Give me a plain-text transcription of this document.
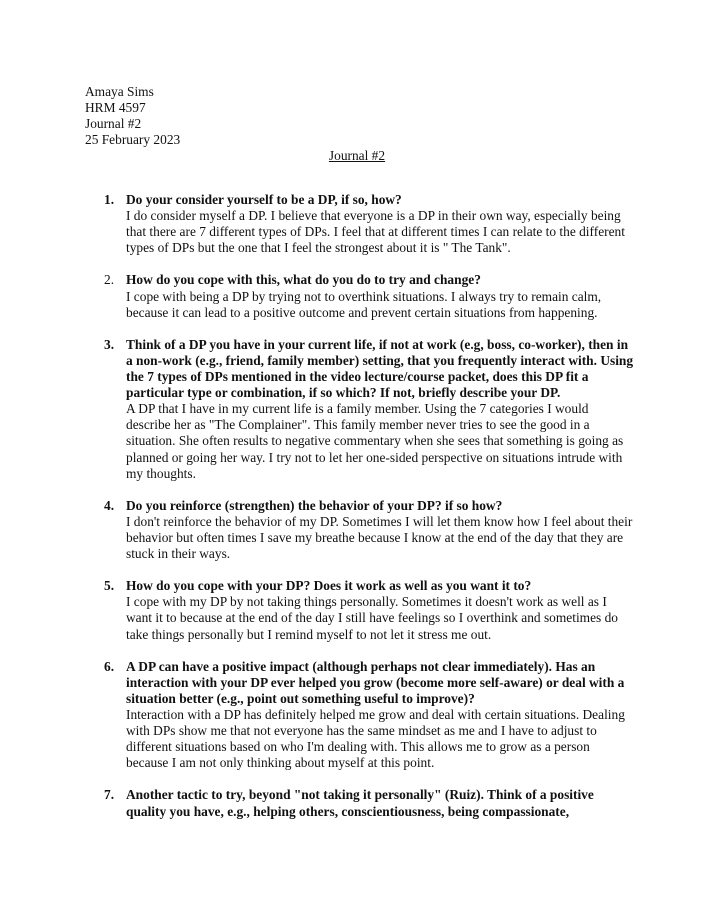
Amaya Sims
HRM 4597
Journal #2
25 February 2023
Journal #2
1. Do your consider yourself to be a DP, if so, how?
I do consider myself a DP. I believe that everyone is a DP in their own way, especially being that there are 7 different types of DPs. I feel that at different times I can relate to the different types of DPs but the one that I feel the strongest about it is " The Tank".
2. How do you cope with this, what do you do to try and change?
I cope with being a DP by trying not to overthink situations. I always try to remain calm, because it can lead to a positive outcome and prevent certain situations from happening.
3. Think of a DP you have in your current life, if not at work (e.g, boss, co-worker), then in a non-work (e.g., friend, family member) setting, that you frequently interact with. Using the 7 types of DPs mentioned in the video lecture/course packet, does this DP fit a particular type or combination, if so which? If not, briefly describe your DP.
A DP that I have in my current life is a family member. Using the 7 categories I would describe her as "The Complainer". This family member never tries to see the good in a situation. She often results to negative commentary when she sees that something is going as planned or going her way. I try not to let her one-sided perspective on situations intrude with my thoughts.
4. Do you reinforce (strengthen) the behavior of your DP? if so how?
I don't reinforce the behavior of my DP. Sometimes I will let them know how I feel about their behavior but often times I save my breathe because I know at the end of the day that they are stuck in their ways.
5. How do you cope with your DP? Does it work as well as you want it to?
I cope with my DP by not taking things personally. Sometimes it doesn't work as well as I want it to because at the end of the day I still have feelings so I overthink and sometimes do take things personally but I remind myself to not let it stress me out.
6. A DP can have a positive impact (although perhaps not clear immediately). Has an interaction with your DP ever helped you grow (become more self-aware) or deal with a situation better (e.g., point out something useful to improve)?
Interaction with a DP has definitely helped me grow and deal with certain situations. Dealing with DPs show me that not everyone has the same mindset as me and I have to adjust to different situations based on who I'm dealing with. This allows me to grow as a person because I am not only thinking about myself at this point.
7. Another tactic to try, beyond "not taking it personally" (Ruiz). Think of a positive quality you have, e.g., helping others, conscientiousness, being compassionate,
